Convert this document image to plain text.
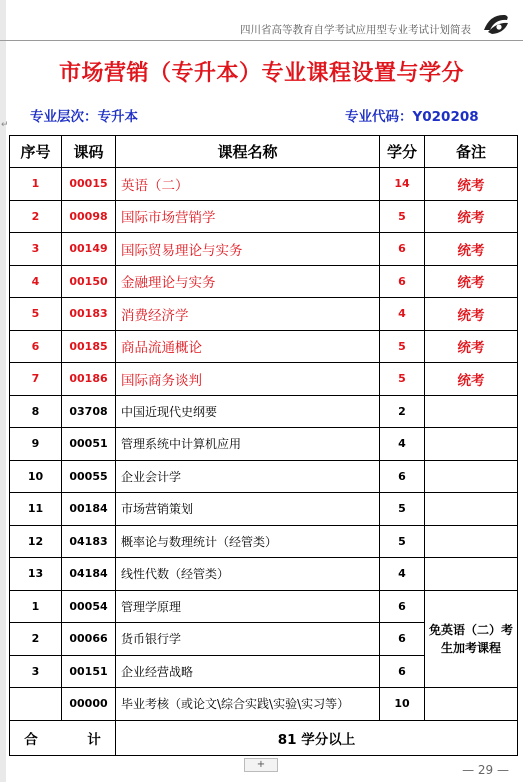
↵
四川省高等教育自学考试应用型专业考试计划简表
市场营销（专升本）专业课程设置与学分
专业层次：专升本	专业代码：Y020208
序号	课码	课程名称	学分	备注
1	00015	英语（二）	14	统考
2	00098	国际市场营销学	5	统考
3	00149	国际贸易理论与实务	6	统考
4	00150	金融理论与实务	6	统考
5	00183	消费经济学	4	统考
6	00185	商品流通概论	5	统考
7	00186	国际商务谈判	5	统考
8	03708	中国近现代史纲要	2	
9	00051	管理系统中计算机应用	4	
10	00055	企业会计学	6	
11	00184	市场营销策划	5	
12	04183	概率论与数理统计（经管类）	5	
13	04184	线性代数（经管类）	4	
1	00054	管理学原理	6	免英语（二）考生加考课程
2	00066	货币银行学	6	
3	00151	企业经营战略	6	
	00000	毕业考核（或论文\综合实践\实验\实习等）	10	
合 计		81 学分以上		
+	— 29 —
